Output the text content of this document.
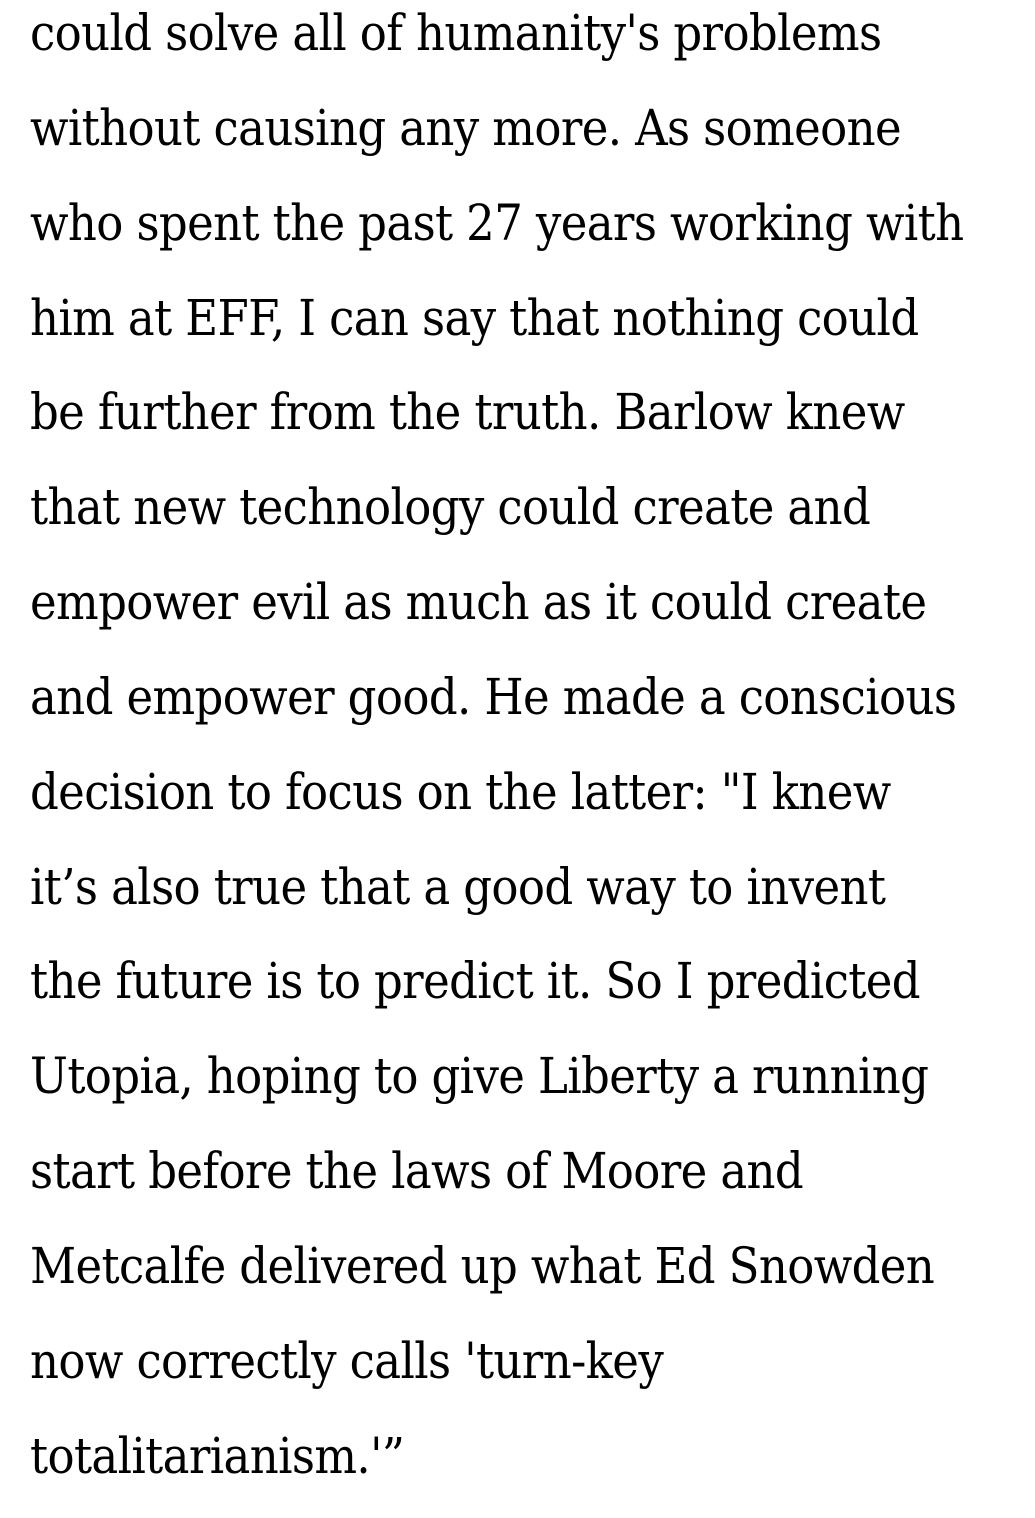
could solve all of humanity's problems
without causing any more. As someone
who spent the past 27 years working with
him at EFF, I can say that nothing could
be further from the truth. Barlow knew
that new technology could create and
empower evil as much as it could create
and empower good. He made a conscious
decision to focus on the latter: "I knew
it’s also true that a good way to invent
the future is to predict it. So I predicted
Utopia, hoping to give Liberty a running
start before the laws of Moore and
Metcalfe delivered up what Ed Snowden
now correctly calls 'turn-key
totalitarianism.'”
